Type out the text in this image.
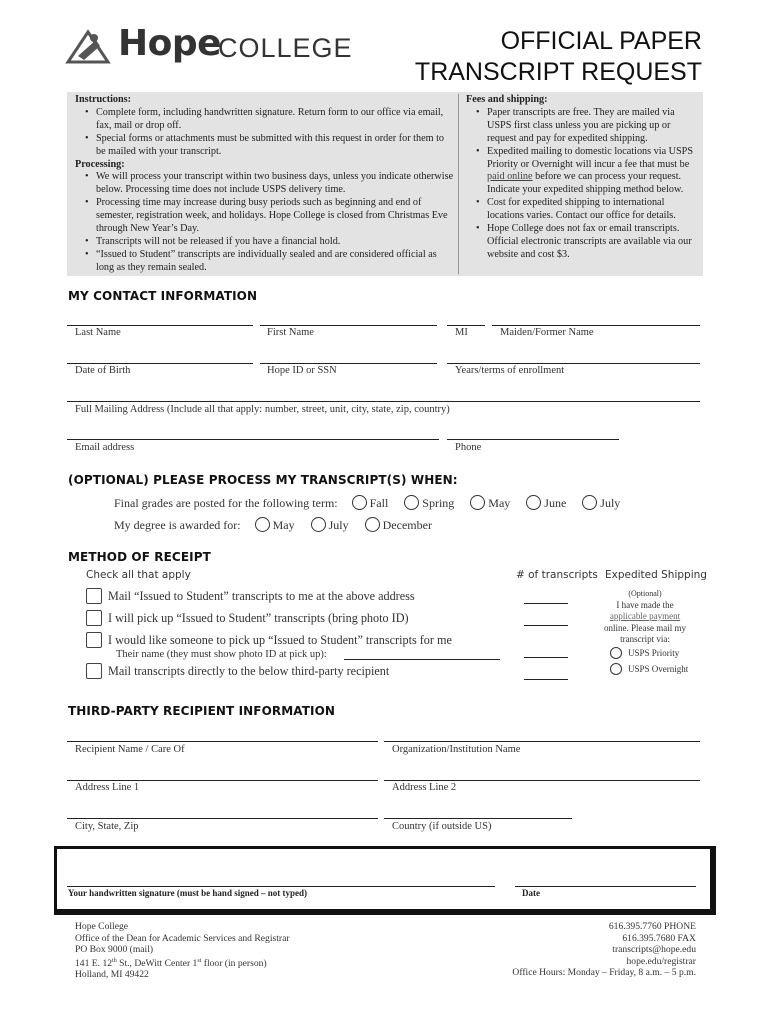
Hope
COLLEGE	OFFICIAL PAPER
TRANSCRIPT REQUEST
Instructions:
• Complete form, including handwritten signature. Return form to our office via email, fax, mail or drop off.
• Special forms or attachments must be submitted with this request in order for them to be mailed with your transcript.
Processing:
• We will process your transcript within two business days, unless you indicate otherwise below. Processing time does not include USPS delivery time.
• Processing time may increase during busy periods such as beginning and end of semester, registration week, and holidays. Hope College is closed from Christmas Eve through New Year’s Day.
• Transcripts will not be released if you have a financial hold.
• “Issued to Student” transcripts are individually sealed and are considered official as long as they remain sealed.
Fees and shipping:
• Paper transcripts are free. They are mailed via USPS first class unless you are picking up or request and pay for expedited shipping.
• Expedited mailing to domestic locations via USPS Priority or Overnight will incur a fee that must be paid online before we can process your request. Indicate your expedited shipping method below.
• Cost for expedited shipping to international locations varies. Contact our office for details.
• Hope College does not fax or email transcripts. Official electronic transcripts are available via our website and cost $3.
MY CONTACT INFORMATION
Last Name	First Name	MI	Maiden/Former Name
Date of Birth	Hope ID or SSN	Years/terms of enrollment
Full Mailing Address (Include all that apply: number, street, unit, city, state, zip, country)
Email address	Phone
(OPTIONAL) PLEASE PROCESS MY TRANSCRIPT(S) WHEN:
Final grades are posted for the following term:	Fall	Spring	May	June	July
My degree is awarded for:	May	July	December
METHOD OF RECEIPT
Check all that apply	# of transcripts Expedited Shipping
Mail “Issued to Student” transcripts to me at the above address
I will pick up “Issued to Student” transcripts (bring photo ID)
I would like someone to pick up “Issued to Student” transcripts for me
Their name (they must show photo ID at pick up):
Mail transcripts directly to the below third-party recipient
(Optional)
I have made the
applicable payment
online. Please mail my
transcript via:
USPS Priority
USPS Overnight
THIRD-PARTY RECIPIENT INFORMATION
Recipient Name / Care Of	Organization/Institution Name
Address Line 1	Address Line 2
City, State, Zip	Country (if outside US)
Your handwritten signature (must be hand signed – not typed)	Date
Hope College
Office of the Dean for Academic Services and Registrar
PO Box 9000 (mail)
141 E. 12th St., DeWitt Center 1st floor (in person)
Holland, MI 49422
616.395.7760 PHONE
616.395.7680 FAX
transcripts@hope.edu
hope.edu/registrar
Office Hours: Monday – Friday, 8 a.m. – 5 p.m.
